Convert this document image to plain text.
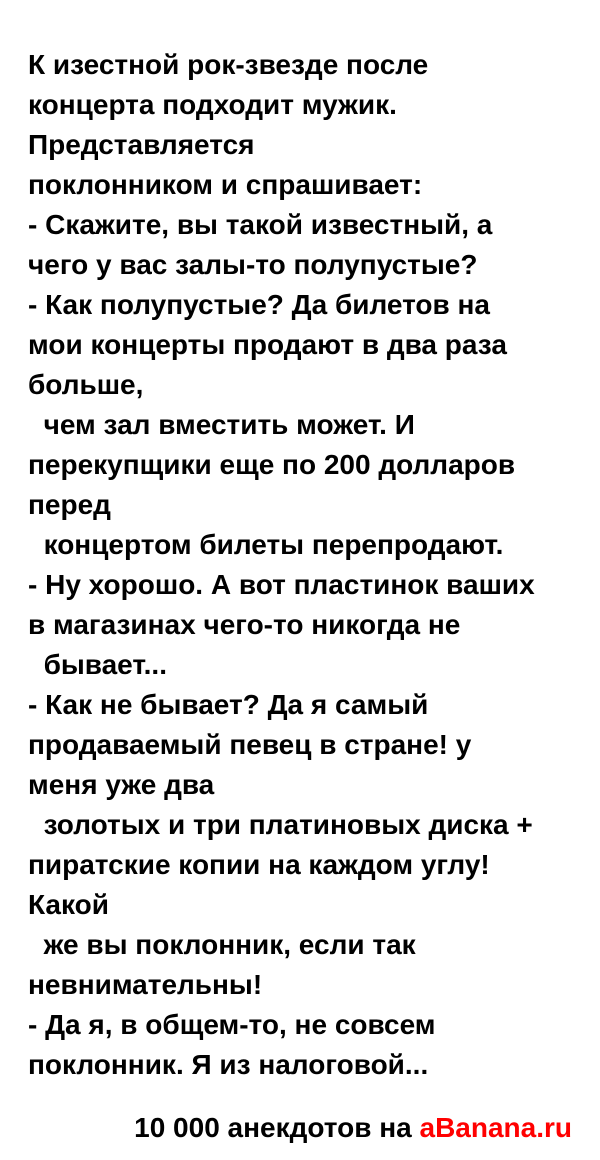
К изестной рок-звезде после
концерта подходит мужик.
Представляется
поклонником и спрашивает:
- Скажите, вы такой известный, а
чего у вас залы-то полупустые?
- Как полупустые? Да билетов на
мои концерты продают в два раза
больше,
чем зал вместить может. И
перекупщики еще по 200 долларов
перед
концертом билеты перепродают.
- Ну хорошо. А вот пластинок ваших
в магазинах чего-то никогда не
бывает...
- Как не бывает? Да я самый
продаваемый певец в стране! у
меня уже два
золотых и три платиновых диска +
пиратские копии на каждом углу!
Какой
же вы поклонник, если так
невнимательны!
- Да я, в общем-то, не совсем
поклонник. Я из налоговой...
10 000 анекдотов на aBanana.ru
